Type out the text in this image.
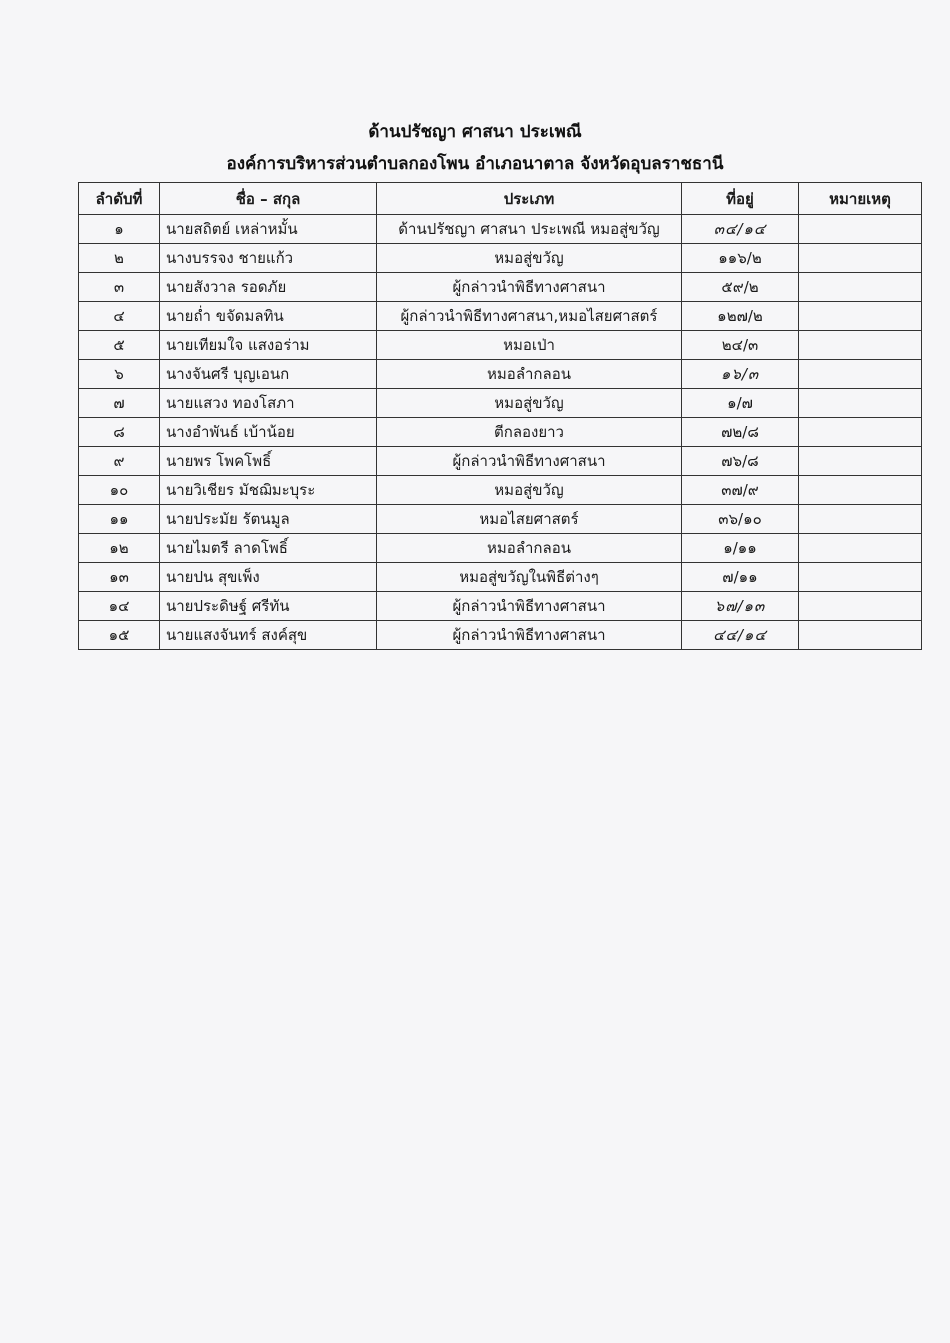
ด้านปรัชญา ศาสนา ประเพณี
องค์การบริหารส่วนตำบลกองโพน อำเภอนาตาล จังหวัดอุบลราชธานี
ลำดับที่	ชื่อ – สกุล	ประเภท	ที่อยู่	หมายเหตุ
๑	นายสถิตย์ เหล่าหมั้น	ด้านปรัชญา ศาสนา ประเพณี หมอสู่ขวัญ	๓๔/๑๔	
๒	นางบรรจง ชายแก้ว	หมอสู่ขวัญ	๑๑๖/๒	
๓	นายสังวาล รอดภัย	ผู้กล่าวนำพิธีทางศาสนา	๕๙/๒	
๔	นายถ่ำ ขจัดมลทิน	ผู้กล่าวนำพิธีทางศาสนา,หมอไสยศาสตร์	๑๒๗/๒	
๕	นายเทียมใจ แสงอร่าม	หมอเป่า	๒๔/๓	
๖	นางจันศรี บุญเอนก	หมอลำกลอน	๑๖/๓	
๗	นายแสวง ทองโสภา	หมอสู่ขวัญ	๑/๗	
๘	นางอำพันธ์ เบ้าน้อย	ตีกลองยาว	๗๒/๘	
๙	นายพร โพคโพธิ์	ผู้กล่าวนำพิธีทางศาสนา	๗๖/๘	
๑๐	นายวิเชียร มัชฌิมะบุระ	หมอสู่ขวัญ	๓๗/๙	
๑๑	นายประมัย รัตนมูล	หมอไสยศาสตร์	๓๖/๑๐	
๑๒	นายไมตรี ลาดโพธิ์	หมอลำกลอน	๑/๑๑	
๑๓	นายปน สุขเพ็ง	หมอสู่ขวัญในพิธีต่างๆ	๗/๑๑	
๑๔	นายประดิษฐ์ ศรีทัน	ผู้กล่าวนำพิธีทางศาสนา	๖๗/๑๓	
๑๕	นายแสงจันทร์ สงค์สุข	ผู้กล่าวนำพิธีทางศาสนา	๔๔/๑๔	
